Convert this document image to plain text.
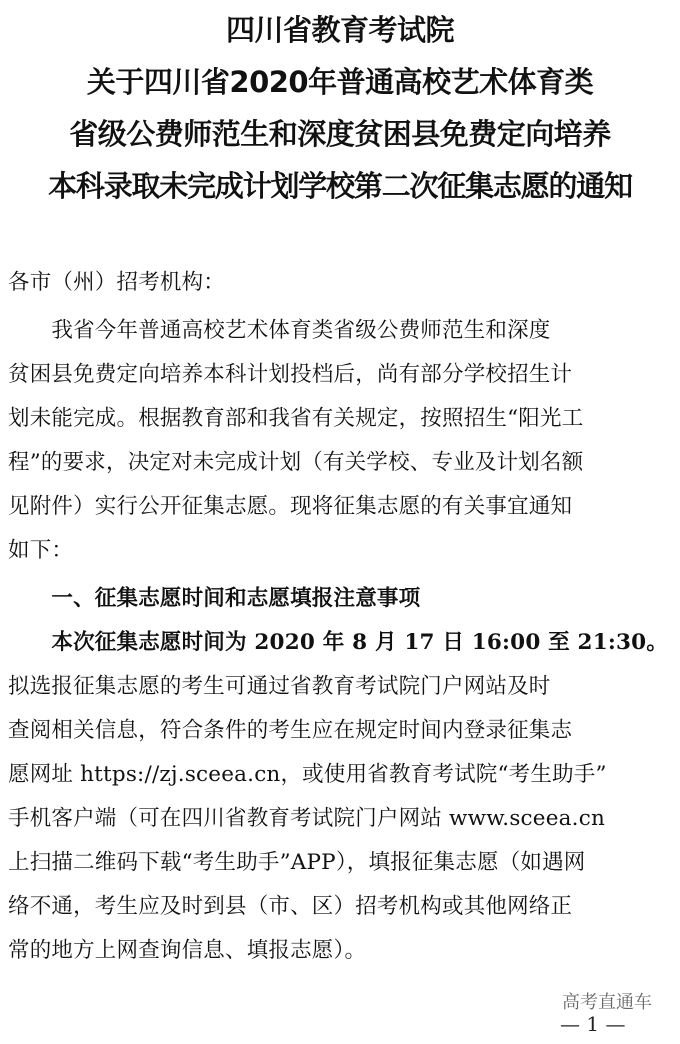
四川省教育考试院
关于四川省2020年普通高校艺术体育类
省级公费师范生和深度贫困县免费定向培养
本科录取未完成计划学校第二次征集志愿的通知
各市（州）招考机构：
　　我省今年普通高校艺术体育类省级公费师范生和深度
贫困县免费定向培养本科计划投档后，尚有部分学校招生计
划未能完成。根据教育部和我省有关规定，按照招生“阳光工
程”的要求，决定对未完成计划（有关学校、专业及计划名额
见附件）实行公开征集志愿。现将征集志愿的有关事宜通知
如下：
　　一、征集志愿时间和志愿填报注意事项
　　本次征集志愿时间为 2020 年 8 月 17 日 16:00 至 21:30。
拟选报征集志愿的考生可通过省教育考试院门户网站及时
查阅相关信息，符合条件的考生应在规定时间内登录征集志
愿网址 https://zj.sceea.cn，或使用省教育考试院“考生助手”
手机客户端（可在四川省教育考试院门户网站 www.sceea.cn
上扫描二维码下载“考生助手”APP），填报征集志愿（如遇网
络不通，考生应及时到县（市、区）招考机构或其他网络正
常的地方上网查询信息、填报志愿）。
高考直通车
— 1 —
